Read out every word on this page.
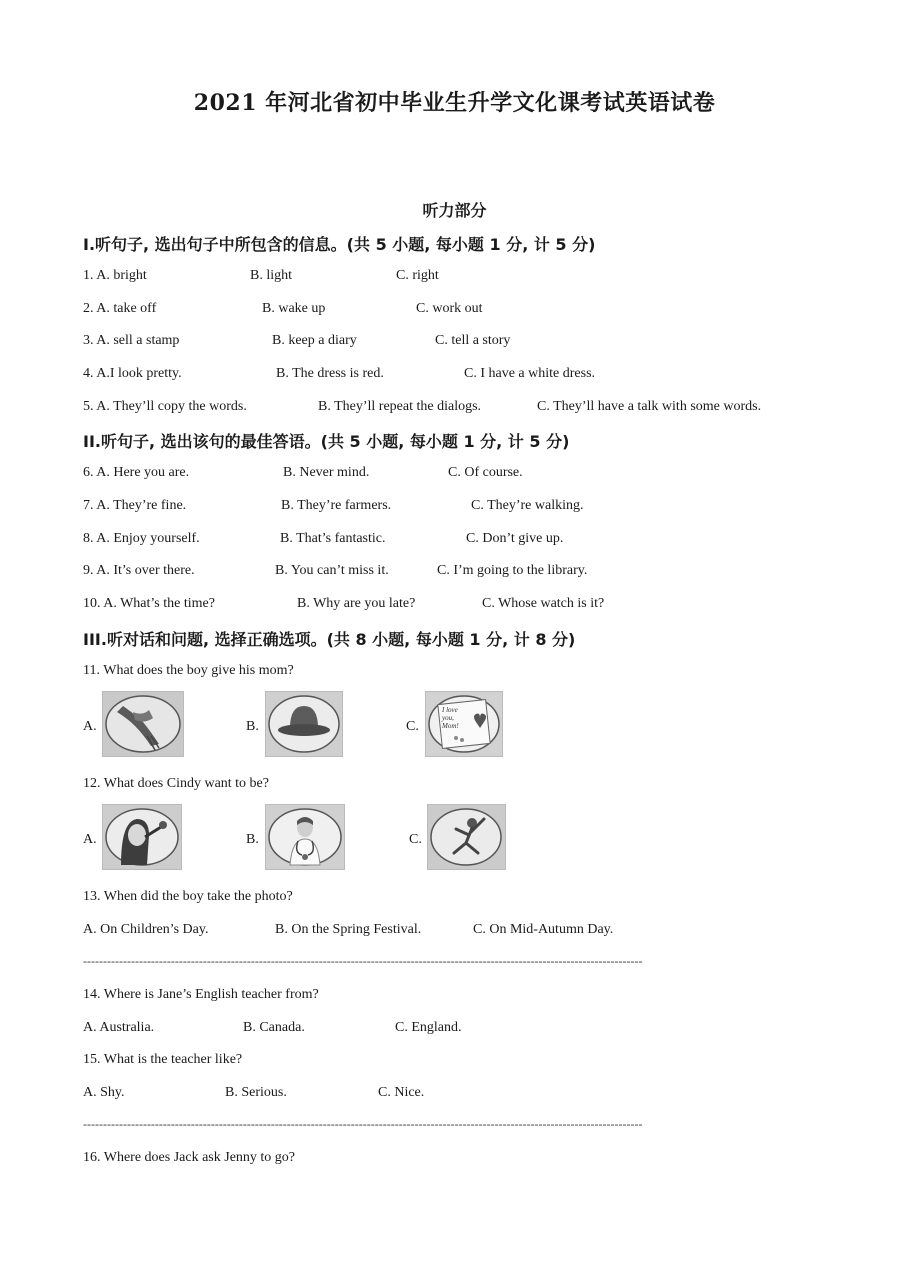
2021 年河北省初中毕业生升学文化课考试英语试卷
听力部分
I.听句子, 选出句子中所包含的信息。(共 5 小题, 每小题 1 分, 计 5 分)
1. A. bright	B. light	C. right
2. A. take off	B. wake up	C. work out
3. A. sell a stamp	B. keep a diary	C. tell a story
4. A.I look pretty.	B. The dress is red.	C. I have a white dress.
5. A. They’ll copy the words.	B. They’ll repeat the dialogs.	C. They’ll have a talk with some words.
II.听句子, 选出该句的最佳答语。(共 5 小题, 每小题 1 分, 计 5 分)
6. A. Here you are.	B. Never mind.	C. Of course.
7. A. They’re fine.	B. They’re farmers.	C. They’re walking.
8. A. Enjoy yourself.	B. That’s fantastic.	C. Don’t give up.
9. A. It’s over there.	B. You can’t miss it.	C. I’m going to the library.
10. A. What’s the time?	B. Why are you late?	C. Whose watch is it?
III.听对话和问题, 选择正确选项。(共 8 小题, 每小题 1 分, 计 8 分)
11. What does the boy give his mom?
A.	B.	C.
I love you, Mom!
12. What does Cindy want to be?
A.	B.	C.
13. When did the boy take the photo?
A. On Children’s Day.	B. On the Spring Festival.	C. On Mid-Autumn Day.
--------------------------------------------------------------------------------------------------------------------------------------------
14. Where is Jane’s English teacher from?
A. Australia.	B. Canada.	C. England.
15. What is the teacher like?
A. Shy.	B. Serious.	C. Nice.
--------------------------------------------------------------------------------------------------------------------------------------------
16. Where does Jack ask Jenny to go?
